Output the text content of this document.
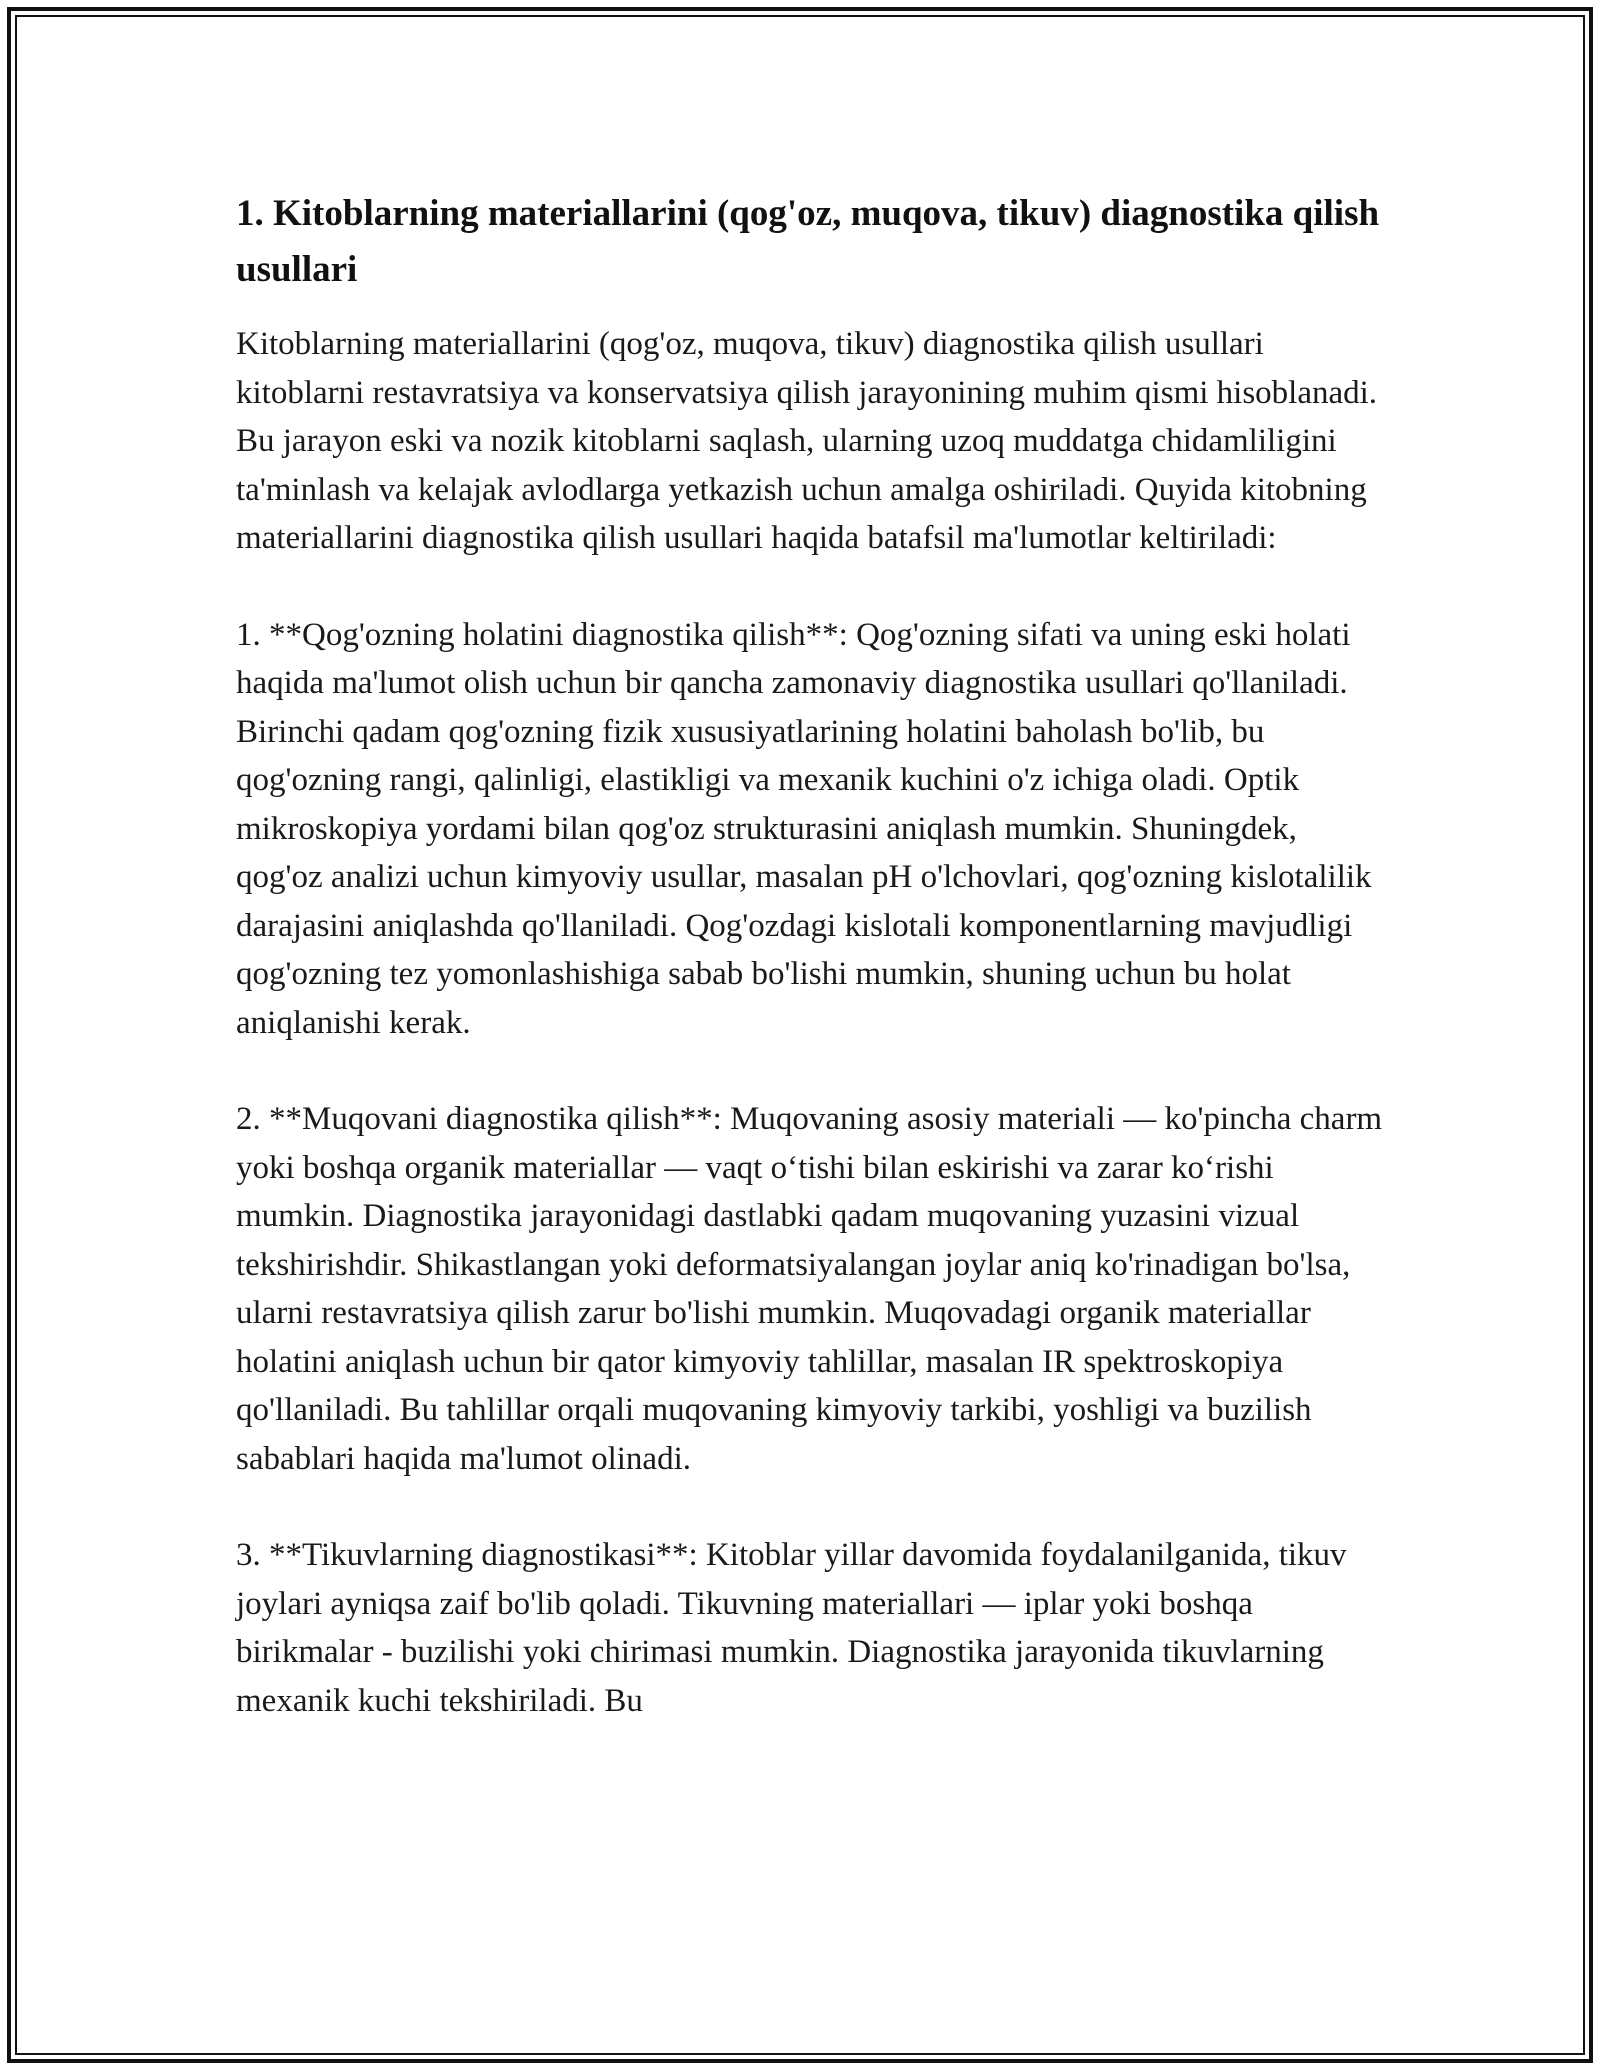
1. Kitoblarning materiallarini (qog'oz, muqova, tikuv) diagnostika qilish usullari

Kitoblarning materiallarini (qog'oz, muqova, tikuv) diagnostika qilish usullari kitoblarni restavratsiya va konservatsiya qilish jarayonining muhim qismi hisoblanadi. Bu jarayon eski va nozik kitoblarni saqlash, ularning uzoq muddatga chidamliligini ta'minlash va kelajak avlodlarga yetkazish uchun amalga oshiriladi. Quyida kitobning materiallarini diagnostika qilish usullari haqida batafsil ma'lumotlar keltiriladi:

1. **Qog'ozning holatini diagnostika qilish**: Qog'ozning sifati va uning eski holati haqida ma'lumot olish uchun bir qancha zamonaviy diagnostika usullari qo'llaniladi. Birinchi qadam qog'ozning fizik xususiyatlarining holatini baholash bo'lib, bu qog'ozning rangi, qalinligi, elastikligi va mexanik kuchini o'z ichiga oladi. Optik mikroskopiya yordami bilan qog'oz strukturasini aniqlash mumkin. Shuningdek, qog'oz analizi uchun kimyoviy usullar, masalan pH o'lchovlari, qog'ozning kislotalilik darajasini aniqlashda qo'llaniladi. Qog'ozdagi kislotali komponentlarning mavjudligi qog'ozning tez yomonlashishiga sabab bo'lishi mumkin, shuning uchun bu holat aniqlanishi kerak.

2. **Muqovani diagnostika qilish**: Muqovaning asosiy materiali — ko'pincha charm yoki boshqa organik materiallar — vaqt o‘tishi bilan eskirishi va zarar ko‘rishi mumkin. Diagnostika jarayonidagi dastlabki qadam muqovaning yuzasini vizual tekshirishdir. Shikastlangan yoki deformatsiyalangan joylar aniq ko'rinadigan bo'lsa, ularni restavratsiya qilish zarur bo'lishi mumkin. Muqovadagi organik materiallar holatini aniqlash uchun bir qator kimyoviy tahlillar, masalan IR spektroskopiya qo'llaniladi. Bu tahlillar orqali muqovaning kimyoviy tarkibi, yoshligi va buzilish sabablari haqida ma'lumot olinadi.

3. **Tikuvlarning diagnostikasi**: Kitoblar yillar davomida foydalanilganida, tikuv joylari ayniqsa zaif bo'lib qoladi. Tikuvning materiallari — iplar yoki boshqa birikmalar - buzilishi yoki chirimasi mumkin. Diagnostika jarayonida tikuvlarning mexanik kuchi tekshiriladi. Bu
